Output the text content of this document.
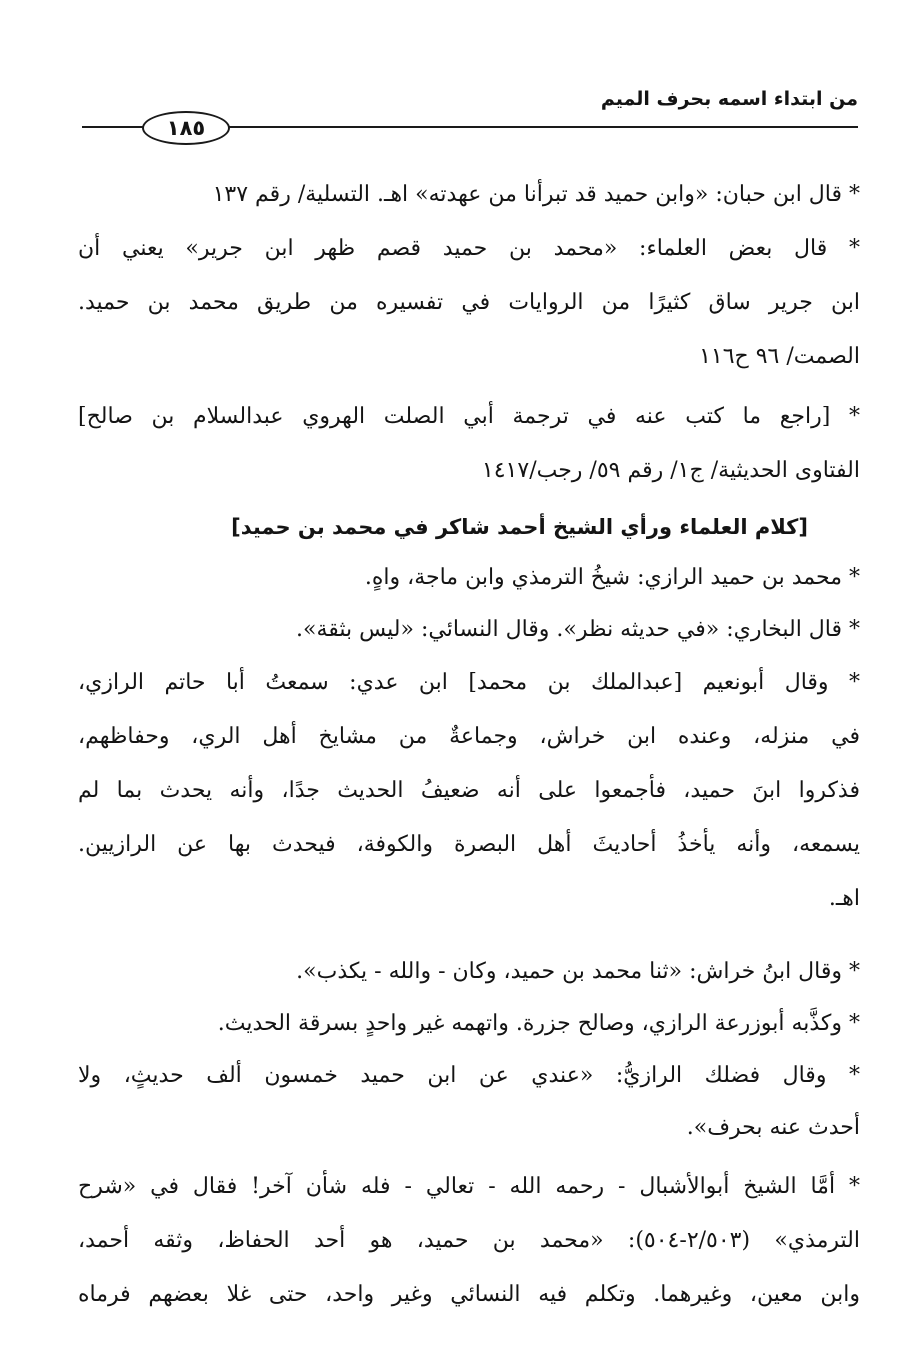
من ابتداء اسمه بحرف الميم
١٨٥

* قال ابن حبان: «وابن حميد قد تبرأنا من عهدته» اهـ. التسلية/ رقم ١٣٧

* قال بعض العلماء: «محمد بن حميد قصم ظهر ابن جرير» يعني أن
ابن جرير ساق كثيرًا من الروايات في تفسيره من طريق محمد بن حميد.
الصمت/ ٩٦ ح١١٦

* [راجع ما كتب عنه في ترجمة أبي الصلت الهروي عبدالسلام بن صالح]
الفتاوى الحديثية/ ج١/ رقم ٥٩/ رجب/١٤١٧

[كلام العلماء ورأي الشيخ أحمد شاكر في محمد بن حميد]

* محمد بن حميد الرازي: شيخُ الترمذي وابن ماجة، واهٍ.

* قال البخاري: «في حديثه نظر». وقال النسائي: «ليس بثقة».

* وقال أبونعيم [عبدالملك بن محمد] ابن عدي: سمعتُ أبا حاتم الرازي،
في منزله، وعنده ابن خراش، وجماعةٌ من مشايخ أهل الري، وحفاظهم،
فذكروا ابنَ حميد، فأجمعوا على أنه ضعيفُ الحديث جدًا، وأنه يحدث بما لم
يسمعه، وأنه يأخذُ أحاديثَ أهل البصرة والكوفة، فيحدث بها عن الرازيين.
اهـ.

* وقال ابنُ خراش: «ثنا محمد بن حميد، وكان - والله - يكذب».

* وكذَّبه أبوزرعة الرازي، وصالح جزرة. واتهمه غير واحدٍ بسرقة الحديث.

* وقال فضلك الرازيُّ: «عندي عن ابن حميد خمسون ألف حديثٍ، ولا
أحدث عنه بحرف».

* أمَّا الشيخ أبوالأشبال - رحمه الله - تعالي - فله شأن آخر! فقال في «شرح
الترمذي» (٢/٥٠٣-٥٠٤): «محمد بن حميد، هو أحد الحفاظ، وثقه أحمد،
وابن معين، وغيرهما. وتكلم فيه النسائي وغير واحد، حتى غلا بعضهم فرماه
